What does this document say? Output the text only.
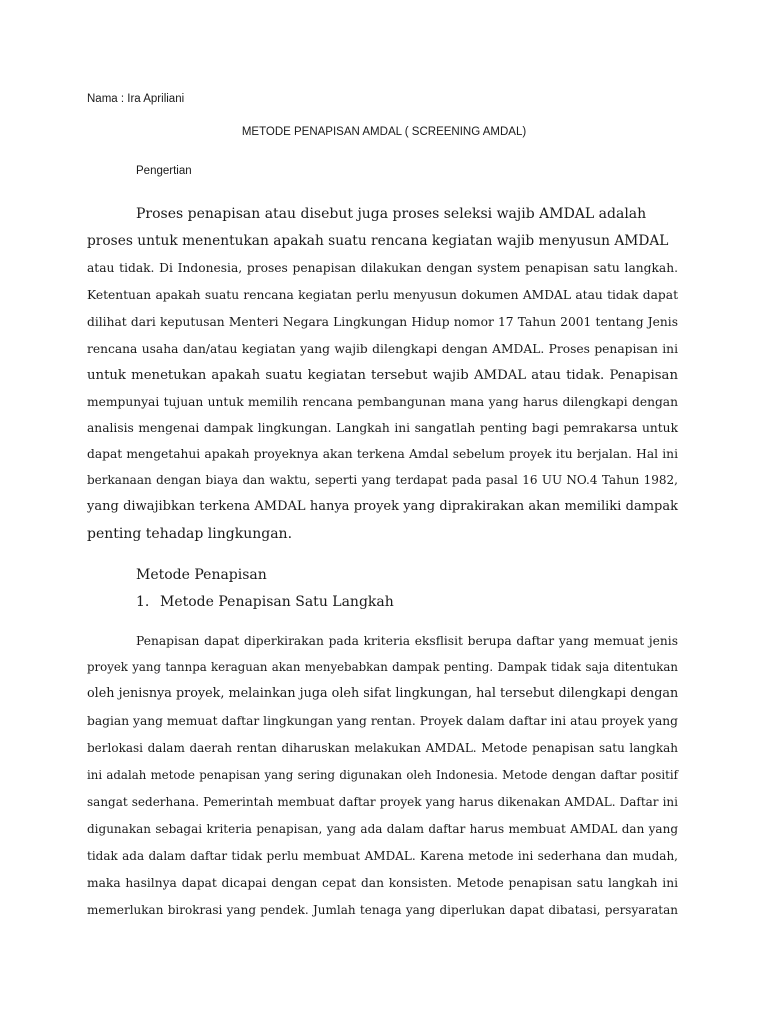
Nama : Ira Apriliani
METODE PENAPISAN AMDAL ( SCREENING AMDAL)
Pengertian
Proses penapisan atau disebut juga proses seleksi wajib AMDAL adalah
proses untuk menentukan apakah suatu rencana kegiatan wajib menyusun AMDAL
atau tidak. Di Indonesia, proses penapisan dilakukan dengan system penapisan satu langkah.
Ketentuan apakah suatu rencana kegiatan perlu menyusun dokumen AMDAL atau tidak dapat
dilihat dari keputusan Menteri Negara Lingkungan Hidup nomor 17 Tahun 2001 tentang Jenis
rencana usaha dan/atau kegiatan yang wajib dilengkapi dengan AMDAL. Proses penapisan ini
untuk menetukan apakah suatu kegiatan tersebut wajib AMDAL atau tidak. Penapisan
mempunyai tujuan untuk memilih rencana pembangunan mana yang harus dilengkapi dengan
analisis mengenai dampak lingkungan. Langkah ini sangatlah penting bagi pemrakarsa untuk
dapat mengetahui apakah proyeknya akan terkena Amdal sebelum proyek itu berjalan. Hal ini
berkanaan dengan biaya dan waktu, seperti yang terdapat pada pasal 16 UU NO.4 Tahun 1982,
yang diwajibkan terkena AMDAL hanya proyek yang diprakirakan akan memiliki dampak
penting tehadap lingkungan.
Metode Penapisan
1. Metode Penapisan Satu Langkah
Penapisan dapat diperkirakan pada kriteria eksflisit berupa daftar yang memuat jenis
proyek yang tannpa keraguan akan menyebabkan dampak penting. Dampak tidak saja ditentukan
oleh jenisnya proyek, melainkan juga oleh sifat lingkungan, hal tersebut dilengkapi dengan
bagian yang memuat daftar lingkungan yang rentan. Proyek dalam daftar ini atau proyek yang
berlokasi dalam daerah rentan diharuskan melakukan AMDAL. Metode penapisan satu langkah
ini adalah metode penapisan yang sering digunakan oleh Indonesia. Metode dengan daftar positif
sangat sederhana. Pemerintah membuat daftar proyek yang harus dikenakan AMDAL. Daftar ini
digunakan sebagai kriteria penapisan, yang ada dalam daftar harus membuat AMDAL dan yang
tidak ada dalam daftar tidak perlu membuat AMDAL. Karena metode ini sederhana dan mudah,
maka hasilnya dapat dicapai dengan cepat dan konsisten. Metode penapisan satu langkah ini
memerlukan birokrasi yang pendek. Jumlah tenaga yang diperlukan dapat dibatasi, persyaratan
